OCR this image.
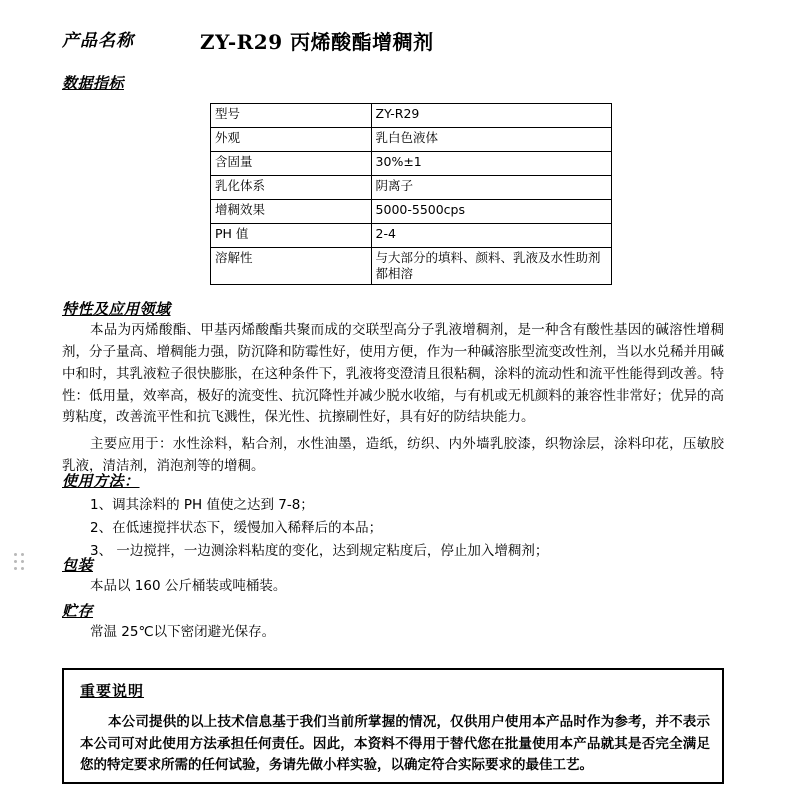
产品名称	ZY-R29 丙烯酸酯增稠剂
数据指标
型号	ZY-R29
外观	乳白色液体
含固量	30%±1
乳化体系	阴离子
增稠效果	5000-5500cps
PH 值	2-4
溶解性	与大部分的填料、颜料、乳液及水性助剂都相溶
特性及应用领域
本品为丙烯酸酯、甲基丙烯酸酯共聚而成的交联型高分子乳液增稠剂，是一种含有酸性基因的碱溶性增稠剂，分子量高、增稠能力强，防沉降和防霉性好，使用方便，作为一种碱溶胀型流变改性剂，当以水兑稀并用碱中和时，其乳液粒子很快膨胀，在这种条件下，乳液将变澄清且很粘稠，涂料的流动性和流平性能得到改善。特性：低用量，效率高，极好的流变性、抗沉降性并减少脱水收缩，与有机或无机颜料的兼容性非常好；优异的高剪粘度，改善流平性和抗飞溅性，保光性、抗擦刷性好，具有好的防结块能力。
主要应用于：水性涂料，粘合剂，水性油墨，造纸，纺织、内外墙乳胶漆，织物涂层，涂料印花，压敏胶乳液，清洁剂，消泡剂等的增稠。
使用方法：
1、调其涂料的 PH 值使之达到 7-8；
2、在低速搅拌状态下，缓慢加入稀释后的本品；
3、 一边搅拌，一边测涂料粘度的变化，达到规定粘度后，停止加入增稠剂；
包装
本品以 160 公斤桶装或吨桶装。
贮存
常温 25℃以下密闭避光保存。
重要说明
本公司提供的以上技术信息基于我们当前所掌握的情况，仅供用户使用本产品时作为参考，并不表示本公司可对此使用方法承担任何责任。因此，本资料不得用于替代您在批量使用本产品就其是否完全满足您的特定要求所需的任何试验，务请先做小样实验，以确定符合实际要求的最佳工艺。
